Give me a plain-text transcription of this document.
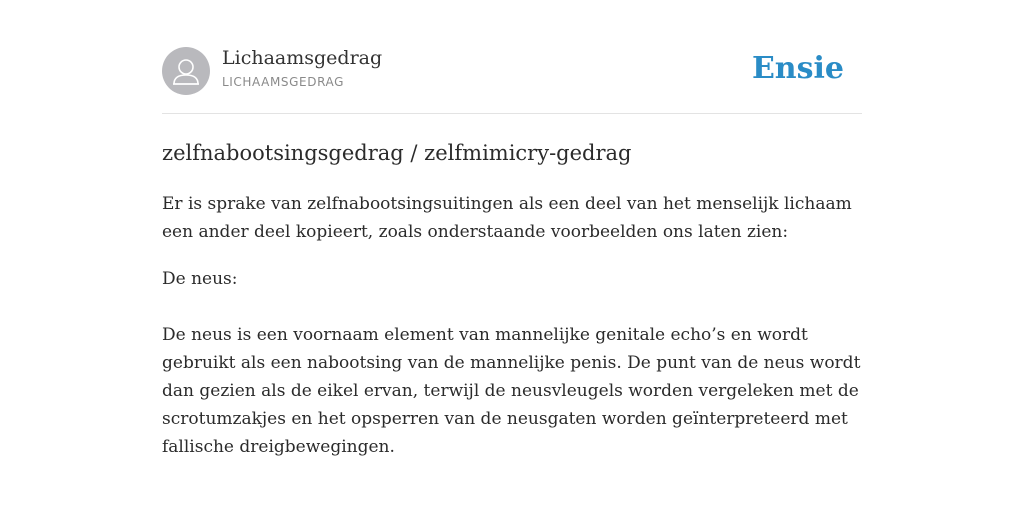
Lichaamsgedrag
LICHAAMSGEDRAG	Ensie
zelfnabootsingsgedrag / zelfmimicry-gedrag

Er is sprake van zelfnabootsingsuitingen als een deel van het menselijk lichaam een ander deel kopieert, zoals onderstaande voorbeelden ons laten zien:

De neus:

De neus is een voornaam element van mannelijke genitale echo’s en wordt gebruikt als een nabootsing van de mannelijke penis. De punt van de neus wordt dan gezien als de eikel ervan, terwijl de neusvleugels worden vergeleken met de scrotumzakjes en het opsperren van de neusgaten worden geïnterpreteerd met fallische dreigbewegingen.
